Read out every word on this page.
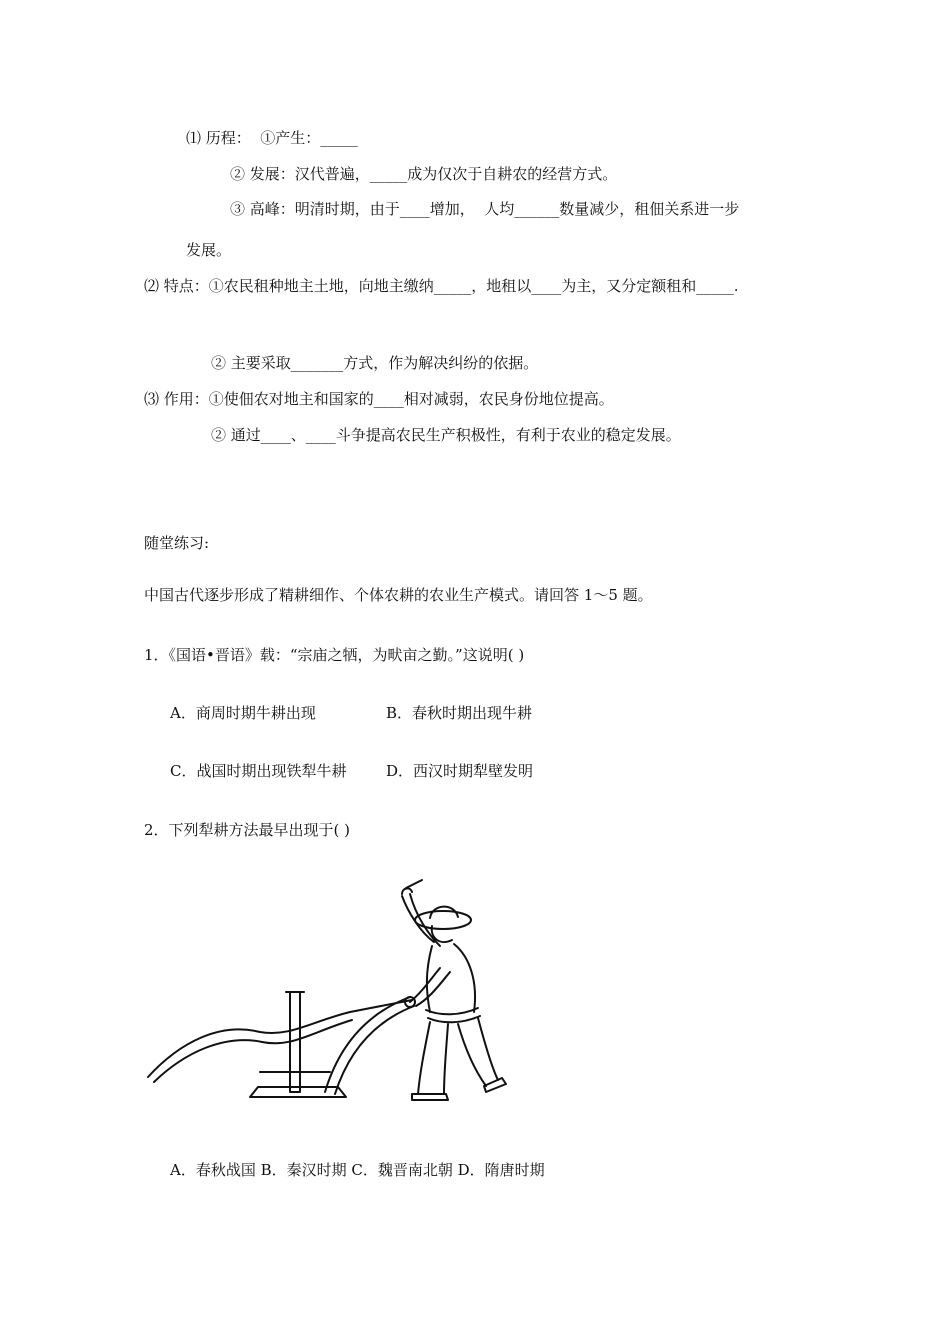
⑴ 历程：  ①产生：_____
② 发展：汉代普遍，_____成为仅次于自耕农的经营方式。
③ 高峰：明清时期，由于____增加，  人均______数量减少，租佃关系进一步
发展。
⑵ 特点：①农民租种地主土地，向地主缴纳_____，地租以____为主，又分定额租和_____.
② 主要采取_______方式，作为解决纠纷的依据。
⑶ 作用：①使佃农对地主和国家的____相对减弱，农民身份地位提高。
② 通过____、____斗争提高农民生产积极性，有利于农业的稳定发展。
随堂练习:
中国古代逐步形成了精耕细作、个体农耕的农业生产模式。请回答 1～5 题。
1．《国语•晋语》载：“宗庙之牺，为畎亩之勤。”这说明( )
A．商周时期牛耕出现	B．春秋时期出现牛耕
C．战国时期出现铁犁牛耕	D．西汉时期犁壁发明
2．下列犁耕方法最早出现于( )
A．春秋战国 B．秦汉时期 C．魏晋南北朝 D．隋唐时期
